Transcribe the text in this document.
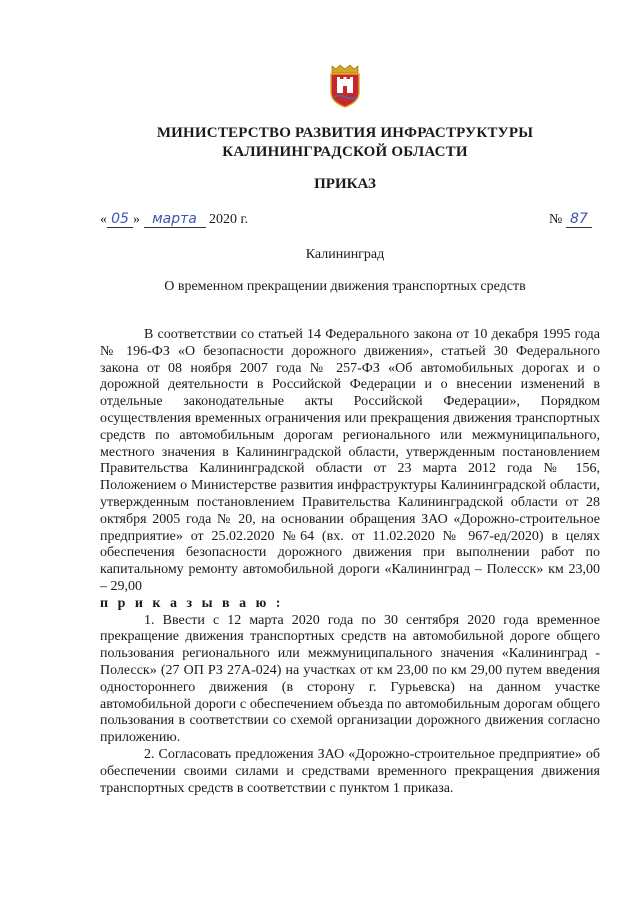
МИНИСТЕРСТВО РАЗВИТИЯ ИНФРАСТРУКТУРЫ
КАЛИНИНГРАДСКОЙ ОБЛАСТИ
ПРИКАЗ
« 05 » марта 2020 г.	№ 87
Калининград
О временном прекращении движения транспортных средств

В соответствии со статьей 14 Федерального закона от 10 декабря 1995 года № 196-ФЗ «О безопасности дорожного движения», статьей 30 Федерального закона от 08 ноября 2007 года № 257-ФЗ «Об автомобильных дорогах и о дорожной деятельности в Российской Федерации и о внесении изменений в отдельные законодательные акты Российской Федерации», Порядком осуществления временных ограничения или прекращения движения транспортных средств по автомобильным дорогам регионального или межмуниципального, местного значения в Калининградской области, утвержденным постановлением Правительства Калининградской области от 23 марта 2012 года № 156, Положением о Министерстве развития инфраструктуры Калининградской области, утвержденным постановлением Правительства Калининградской области от 28 октября 2005 года № 20, на основании обращения ЗАО «Дорожно-строительное предприятие» от 25.02.2020 №64 (вх. от 11.02.2020 № 967-ед/2020) в целях обеспечения безопасности дорожного движения при выполнении работ по капитальному ремонту автомобильной дороги «Калининград – Полесск» км 23,00 – 29,00

п р и к а з ы в а ю :

1. Ввести с 12 марта 2020 года по 30 сентября 2020 года временное прекращение движения транспортных средств на автомобильной дороге общего пользования регионального или межмуниципального значения «Калининград - Полесск» (27 ОП РЗ 27А-024) на участках от км 23,00 по км 29,00 путем введения одностороннего движения (в сторону г. Гурьевска) на данном участке автомобильной дороги с обеспечением объезда по автомобильным дорогам общего пользования в соответствии со схемой организации дорожного движения согласно приложению.

2. Согласовать предложения ЗАО «Дорожно-строительное предприятие» об обеспечении своими силами и средствами временного прекращения движения транспортных средств в соответствии с пунктом 1 приказа.
